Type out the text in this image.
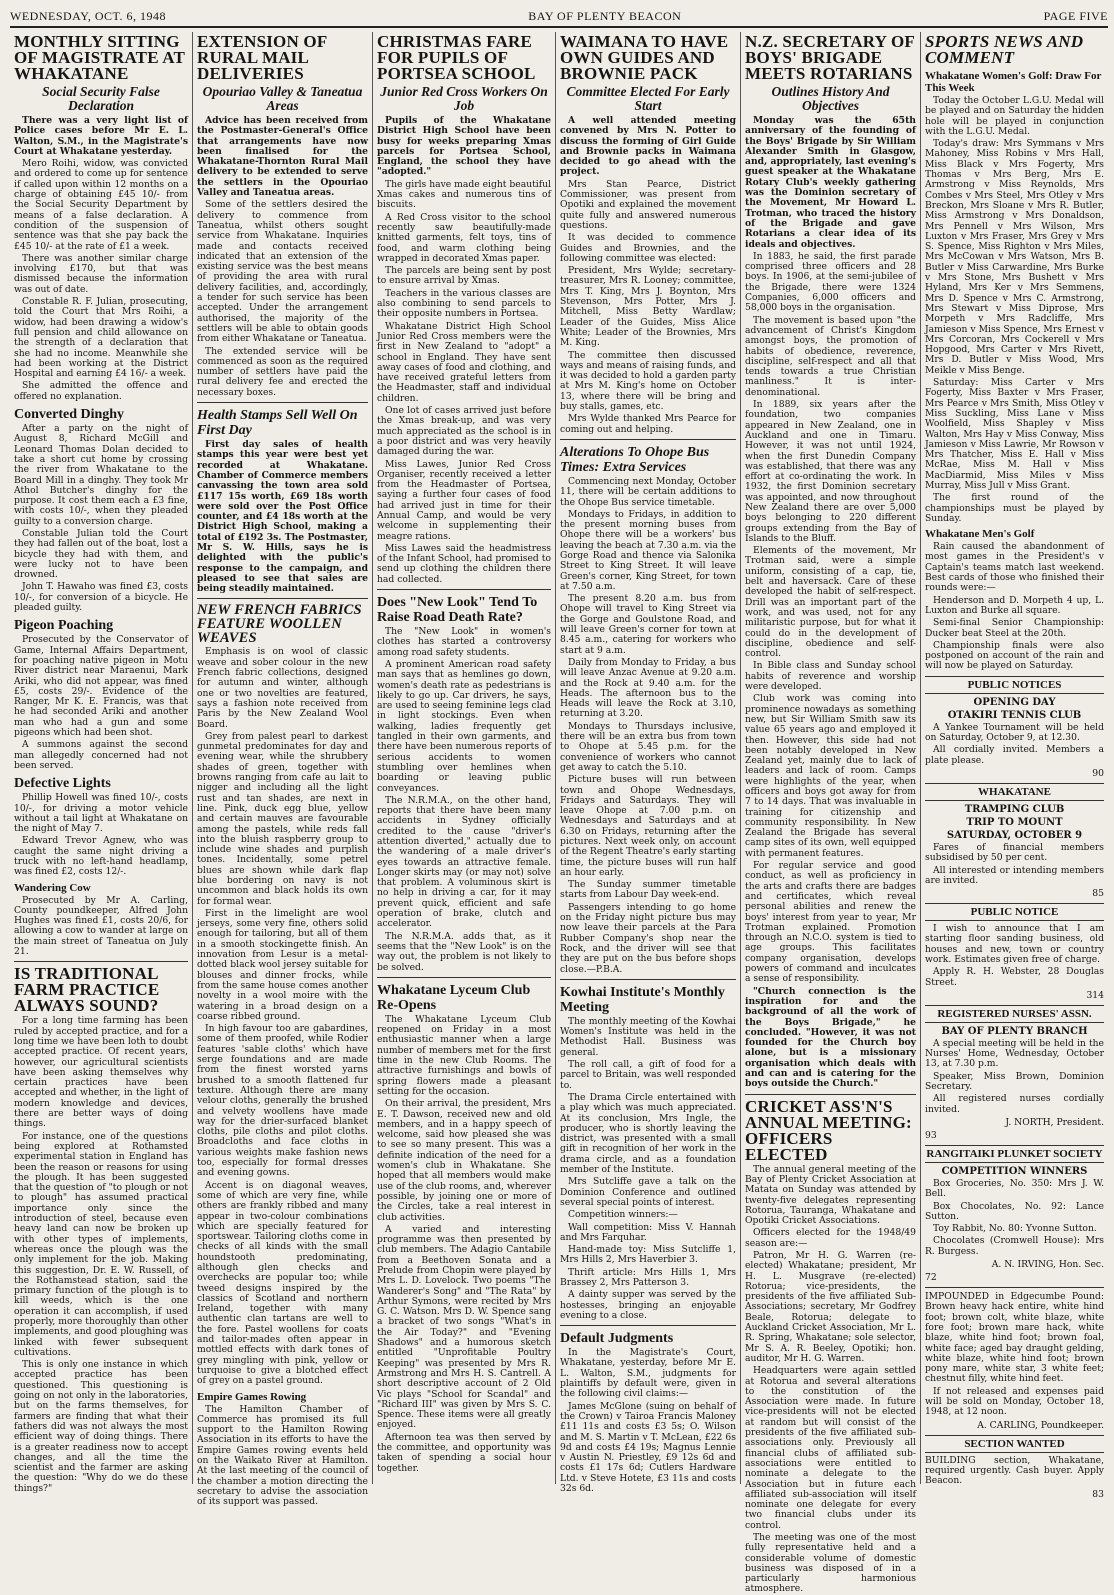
WEDNESDAY, OCT. 6, 1948	BAY OF PLENTY BEACON	PAGE FIVE
MONTHLY SITTING OF MAGISTRATE AT WHAKATANE
Social Security False Declaration

There was a very light list of Police cases before Mr E. L. Walton, S.M., in the Magistrate's Court at Whakatane yesterday.

Mero Roihi, widow, was convicted and ordered to come up for sentence if called upon within 12 months on a charge of obtaining £45 10/- from the Social Security Department by means of a false declaration. A condition of the suspension of sentence was that she pay back the £45 10/- at the rate of £1 a week.

There was another similar charge involving £170, but that was dismissed because the information was out of date.

Constable R. F. Julian, prosecuting, told the Court that Mrs Roihi, a widow, had been drawing a widow's full pension and child allowance on the strength of a declaration that she had no income. Meanwhile she had been working at the District Hospital and earning £4 16/- a week.

She admitted the offence and offered no explanation.

Converted Dinghy

After a party on the night of August 8, Richard McGill and Leonard Thomas Dolan decided to take a short cut home by crossing the river from Whakatane to the Board Mill in a dinghy. They took Mr Athol Butcher's dinghy for the purpose. It cost them each a £3 fine, with costs 10/-, when they pleaded guilty to a conversion charge.

Constable Julian told the Court they had fallen out of the boat, lost a bicycle they had with them, and were lucky not to have been drowned.

John T. Hawaho was fined £3, costs 10/-, for conversion of a bicycle. He pleaded guilty.

Pigeon Poaching

Prosecuted by the Conservator of Game, Internal Affairs Department, for poaching native pigeon in Motu River district near Maraenui, Mark Ariki, who did not appear, was fined £5, costs 29/-. Evidence of the Ranger, Mr K. E. Francis, was that he had seconded Ariki and another man who had a gun and some pigeons which had been shot.

A summons against the second man allegedly concerned had not been served.

Defective Lights

Phillip Howell was fined 10/-, costs 10/-, for driving a motor vehicle without a tail light at Whakatane on the night of May 7.

Edward Trevor Agnew, who was caught the same night driving a truck with no left-hand headlamp, was fined £2, costs 12/-.

Wandering Cow

Prosecuted by Mr A. Carling, County poundkeeper, Alfred John Hughes was fined £1, costs 20/6, for allowing a cow to wander at large on the main street of Taneatua on July 21.

IS TRADITIONAL FARM PRACTICE ALWAYS SOUND?

For a long time farming has been ruled by accepted practice, and for a long time we have been loth to doubt accepted practice. Of recent years, however, our agricultural scientists have been asking themselves why certain practices have been accepted and whether, in the light of modern knowledge and devices, there are better ways of doing things.

For instance, one of the questions being explored at Rothamsted experimental station in England has been the reason or reasons for using the plough. It has been suggested that the question of "to plough or not to plough" has assumed practical importance only since the introduction of steel, because even heavy land can now be broken up with other types of implements, whereas once the plough was the only implement for the job. Making this suggestion, Dr. E. W. Russell, of the Rothamstead station, said the primary function of the plough is to kill weeds, which is the one operation it can accomplish, if used properly, more thoroughly than other implements, and good ploughing was linked with fewer subsequent cultivations.

This is only one instance in which accepted practice has been questioned. This questioning is going on not only in the laboratories, but on the farms themselves, for farmers are finding that what their fathers did was not always the most efficient way of doing things. There is a greater readiness now to accept changes, and all the time the scientist and the farmer are asking the question: "Why do we do these things?"

EXTENSION OF RURAL MAIL DELIVERIES
Opouriao Valley & Taneatua Areas

Advice has been received from the Postmaster-General's Office that arrangements have now been finalised for the Whakatane-Thornton Rural Mail delivery to be extended to serve the settlers in the Opouriao Valley and Taneatua areas.

Some of the settlers desired the delivery to commence from Taneatua, whilst others sought service from Whakatane. Inquiries made and contacts received indicated that an extension of the existing service was the best means of providing the area with rural delivery facilities, and, accordingly, a tender for such service has been accepted. Under the arrangement authorised, the majority of the settlers will be able to obtain goods from either Whakatane or Taneatua.

The extended service will be commenced as soon as the required number of settlers have paid the rural delivery fee and erected the necessary boxes.

Health Stamps Sell Well On First Day

First day sales of health stamps this year were best yet recorded at Whakatane. Chamber of Commerce members canvassing the town area sold £117 15s worth, £69 18s worth were sold over the Post Office counter, and £4 18s worth at the District High School, making a total of £192 3s. The Postmaster, Mr S. W. Hills, says he is delighted with the public's response to the campaign, and pleased to see that sales are being steadily maintained.

NEW FRENCH FABRICS FEATURE WOOLLEN WEAVES

Emphasis is on wool of classic weave and sober colour in the new French fabric collections, designed for autumn and winter, although one or two novelties are featured, says a fashion note received from Paris by the New Zealand Wool Board.

Grey from palest pearl to darkest gunmetal predominates for day and evening wear, while the shrubbery shades of green, together with browns ranging from cafe au lait to nigger and including all the light rust and tan shades, are next in line. Pink, duck egg blue, yellow and certain mauves are favourable among the pastels, while reds fall into the bluish raspberry group to include wine shades and purplish tones. Incidentally, some petrel blues are shown while dark flap blue bordering on navy is not uncommon and black holds its own for formal wear.

First in the limelight are wool jerseys, some very fine, others solid enough for tailoring, but all of them in a smooth stockingette finish. An innovation from Lesur is a metal-dotted black wool jersey suitable for blouses and dinner frocks, while from the same house comes another novelty in a wool moire with the watering in a broad design on a coarse ribbed ground.

In high favour too are gabardines, some of them proofed, while Rodier features 'sable cloths' which have serge foundations and are made from the finest worsted yarns brushed to a smooth flattened fur texture. Although there are many velour cloths, generally the brushed and velvety woollens have made way for the drier-surfaced blanket cloths, pile cloths and pilot cloths. Broadcloths and face cloths in various weights make fashion news too, especially for formal dresses and evening gowns.

Accent is on diagonal weaves, some of which are very fine, while others are frankly ribbed and many appear in two-colour combinations which are specially featured for sportswear. Tailoring cloths come in checks of all kinds with the small houndstooth predominating, although glen checks and overchecks are popular too; while tweed designs inspired by the classics of Scotland and northern Ireland, together with many authentic clan tartans are well to the fore. Pastel woollens for coats and tailor-mades often appear in mottled effects with dark tones of grey mingling with pink, yellow or turquoise to give a blotched effect of grey on a pastel ground.

Empire Games Rowing

The Hamilton Chamber of Commerce has promised its full support to the Hamilton Rowing Association in its efforts to have the Empire Games rowing events held on the Waikato River at Hamilton. At the last meeting of the council of the chamber a motion directing the secretary to advise the association of its support was passed.

CHRISTMAS FARE FOR PUPILS OF PORTSEA SCHOOL
Junior Red Cross Workers On Job

Pupils of the Whakatane District High School have been busy for weeks preparing Xmas parcels for Portsea School, England, the school they have "adopted."

The girls have made eight beautiful Xmas cakes and numerous tins of biscuits.

A Red Cross visitor to the school recently saw beautifully-made knitted garments, felt toys, tins of food, and warm clothing being wrapped in decorated Xmas paper.

The parcels are being sent by post to ensure arrival by Xmas.

Teachers in the various classes are also combining to send parcels to their opposite numbers in Portsea.

Whakatane District High School Junior Red Cross members were the first in New Zealand to "adopt" a school in England. They have sent away cases of food and clothing, and have received grateful letters from the Headmaster, staff and individual children.

One lot of cases arrived just before the Xmas break-up, and was very much appreciated as the school is in a poor district and was very heavily damaged during the war.

Miss Lawes, Junior Red Cross Organiser, recently received a letter from the Headmaster of Portsea, saying a further four cases of food had arrived just in time for their Annual Camp, and would be very welcome in supplementing their meagre rations.

Miss Lawes said the headmistress of the Infant School, had promised to send up clothing the children there had collected.

Does "New Look" Tend To Raise Road Death Rate?

The "New Look" in women's clothes has started a controversy among road safety students.

A prominent American road safety man says that as hemlines go down, women's death rate as pedestrians is likely to go up. Car drivers, he says, are used to seeing feminine legs clad in light stockings. Even when walking, ladies frequently get tangled in their own garments, and there have been numerous reports of serious accidents to women stumbling over hemlines when boarding or leaving public conveyances.

The N.R.M.A., on the other hand, reports that there have been many accidents in Sydney officially credited to the cause "driver's attention diverted," actually due to the wandering of a male driver's eyes towards an attractive female. Longer skirts may (or may not) solve that problem. A voluminous skirt is no help in driving a car, for it may prevent quick, efficient and safe operation of brake, clutch and accelerator.

The N.R.M.A. adds that, as it seems that the "New Look" is on the way out, the problem is not likely to be solved.

Whakatane Lyceum Club Re-Opens

The Whakatane Lyceum Club reopened on Friday in a most enthusiastic manner when a large number of members met for the first time in the new Club Rooms. The attractive furnishings and bowls of spring flowers made a pleasant setting for the occasion.

On their arrival, the president, Mrs E. T. Dawson, received new and old members, and in a happy speech of welcome, said how pleased she was to see so many present. This was a definite indication of the need for a women's club in Whakatane. She hoped that all members would make use of the club rooms, and, wherever possible, by joining one or more of the Circles, take a real interest in club activities.

A varied and interesting programme was then presented by club members. The Adagio Cantabile from a Beethoven Sonata and a Prelude from Chopin were played by Mrs L. D. Lovelock. Two poems "The Wanderer's Song" and "The Rata" by Arthur Symons, were recited by Mrs G. C. Watson. Mrs D. W. Spence sang a bracket of two songs "What's in the Air Today?" and "Evening Shadows" and a humorous sketch entitled "Unprofitable Poultry Keeping" was presented by Mrs R. Armstrong and Mrs H. S. Cantrell. A short descriptive account of 2 Old Vic plays "School for Scandal" and "Richard III" was given by Mrs S. C. Spence. These items were all greatly enjoyed.

Afternoon tea was then served by the committee, and opportunity was taken of spending a social hour together.

WAIMANA TO HAVE OWN GUIDES AND BROWNIE PACK
Committee Elected For Early Start

A well attended meeting convened by Mrs N. Potter to discuss the forming of Girl Guide and Brownie packs in Waimana decided to go ahead with the project.

Mrs Stan Pearce, District Commissioner, was present from Opotiki and explained the movement quite fully and answered numerous questions.

It was decided to commence Guides and Brownies, and the following committee was elected:

President, Mrs Wylde; secretary-treasurer, Mrs R. Looney; committee, Mrs T. King, Mrs J. Boynton, Mrs Stevenson, Mrs Potter, Mrs J. Mitchell, Miss Betty Wardlaw; Leader of the Guides, Miss Alice White; Leader of the Brownies, Mrs M. King.

The committee then discussed ways and means of raising funds, and it was decided to hold a garden party at Mrs M. King's home on October 13, where there will be bring and buy stalls, games, etc.

Mrs Wylde thanked Mrs Pearce for coming out and helping.

Alterations To Ohope Bus Times: Extra Services

Commencing next Monday, October 11, there will be certain additions to the Ohope Bus service timetable.

Mondays to Fridays, in addition to the present morning buses from Ohope there will be a workers' bus leaving the beach at 7.30 a.m. via the Gorge Road and thence via Salonika Street to King Street. It will leave Green's corner, King Street, for town at 7.50 a.m.

The present 8.20 a.m. bus from Ohope will travel to King Street via the Gorge and Goulstone Road, and will leave Green's corner for town at 8.45 a.m., catering for workers who start at 9 a.m.

Daily from Monday to Friday, a bus will leave Anzac Avenue at 9.20 a.m. and the Rock at 9.40 a.m. for the Heads. The afternoon bus to the Heads will leave the Rock at 3.10, returning at 3.20.

Mondays to Thursdays inclusive, there will be an extra bus from town to Ohope at 5.45 p.m. for the convenience of workers who cannot get away to catch the 5.10.

Picture buses will run between town and Ohope Wednesdays, Fridays and Saturdays. They will leave Ohope at 7.00 p.m. on Wednesdays and Saturdays and at 6.30 on Fridays, returning after the pictures. Next week only, on account of the Regent Theatre's early starting time, the picture buses will run half an hour early.

The Sunday summer timetable starts from Labour Day week-end.

Passengers intending to go home on the Friday night picture bus may now leave their parcels at the Para Rubber Company's shop near the Rock, and the driver will see that they are put on the bus before shops close.—P.B.A.

Kowhai Institute's Monthly Meeting

The monthly meeting of the Kowhai Women's Institute was held in the Methodist Hall. Business was general.

The roll call, a gift of food for a parcel to Britain, was well responded to.

The Drama Circle entertained with a play which was much appreciated. At its conclusion, Mrs Ingle, the producer, who is shortly leaving the district, was presented with a small gift in recognition of her work in the drama circle, and as a foundation member of the Institute.

Mrs Sutcliffe gave a talk on the Dominion Conference and outlined several special points of interest.

Competition winners:—

Wall competition: Miss V. Hannah and Mrs Farquhar.

Hand-made toy: Miss Sutcliffe 1, Mrs Hills 2, Mrs Haverbier 3.

Thrift article: Mrs Hills 1, Mrs Brassey 2, Mrs Patterson 3.

A dainty supper was served by the hostesses, bringing an enjoyable evening to a close.

Default Judgments

In the Magistrate's Court, Whakatane, yesterday, before Mr E. L. Walton, S.M., judgments for plaintiffs by default were, given in the following civil claims:—

James McGlone (suing on behalf of the Crown) v Tairoa Francis Maloney £11 11s and costs £3 5s; O. Wilson and M. S. Martin v T. McLean, £22 6s 9d and costs £4 19s; Magnus Lennie v Austin N. Priestley, £9 12s 6d and costs £1 17s 6d; Cutlers Hardware Ltd. v Steve Hotete, £3 11s and costs 32s 6d.

N.Z. SECRETARY OF BOYS' BRIGADE MEETS ROTARIANS
Outlines History And Objectives

Monday was the 65th anniversary of the founding of the Boys' Brigade by Sir William Alexander Smith in Glasgow, and, appropriately, last evening's guest speaker at the Whakatane Rotary Club's weekly gathering was the Dominion secretary of the Movement, Mr Howard L. Trotman, who traced the history of the Brigade and gave Rotarians a clear idea of its ideals and objectives.

In 1883, he said, the first parade comprised three officers and 28 boys. In 1906, at the semi-jubilee of the Brigade, there were 1324 Companies, 6,000 officers and 58,000 boys in the organisation.

The movement is based upon "the advancement of Christ's Kingdom amongst boys, the promotion of habits of obedience, reverence, discipline, self-respect and all that tends towards a true Christian manliness." It is inter-denominational.

In 1889, six years after the foundation, two companies appeared in New Zealand, one in Auckland and one in Timaru. However, it was not until 1924, when the first Dunedin Company was established, that there was any effort at co-ordinating the work. In 1932, the first Dominion secretary was appointed, and now throughout New Zealand there are over 5,000 boys belonging to 220 different groups extending from the Bay of Islands to the Bluff.

Elements of the movement, Mr Trotman said, were a simple uniform, consisting of a cap, tie, belt and haversack. Care of these developed the habit of self-respect. Drill was an important part of the work, and was used, not for any militaristic purpose, but for what it could do in the development of discipline, obedience and self-control.

In Bible class and Sunday school habits of reverence and worship were developed.

Club work was coming into prominence nowadays as something new, but Sir William Smith saw its value 65 years ago and employed it then. However, this side had not been notably developed in New Zealand yet, mainly due to lack of leaders and lack of room. Camps were highlights of the year, when officers and boys got away for from 7 to 14 days. That was invaluable in training for citizenship and community responsibility. In New Zealand the Brigade has several camp sites of its own, well equipped with permanent features.

For regular service and good conduct, as well as proficiency in the arts and crafts there are badges and certificates, which reveal personal abilities and renew the boys' interest from year to year, Mr Trotman explained. Promotion through an N.C.O. system is tied to age groups. This facilitates company organisation, develops powers of command and inculcates a sense of responsibility.

"Church connection is the inspiration for and the background of all the work of the Boys Brigade," he concluded. "However, it was not founded for the Church boy alone, but is a missionary organisation which deals with and can and is catering for the boys outside the Church."

CRICKET ASS'N'S ANNUAL MEETING: OFFICERS ELECTED

The annual general meeting of the Bay of Plenty Cricket Association at Matata on Sunday was attended by twenty-five delegates representing Rotorua, Tauranga, Whakatane and Opotiki Cricket Associations.

Officers elected for the 1948/49 season are:—

Patron, Mr H. G. Warren (re-elected) Whakatane; president, Mr H. L. Musgrave (re-elected) Rotorua; vice-presidents, the presidents of the five affiliated Sub-Associations; secretary, Mr Godfrey Beale, Rotorua; delegate to Auckland Cricket Association, Mr L. R. Spring, Whakatane; sole selector, Mr S. A. R. Beeley, Opotiki; hon. auditor, Mr H. G. Warren.

Headquarters were again settled at Rotorua and several alterations to the constitution of the Association were made. In future vice-presidents will not be elected at random but will consist of the presidents of the five affiliated sub-associations only. Previously all financial clubs of affiliated sub-associations were entitled to nominate a delegate to the Association but in future each affiliated sub-association will itself nominate one delegate for every two financial clubs under its control.

The meeting was one of the most fully representative held and a considerable volume of domestic business was disposed of in a particularly harmonious atmosphere.

SPORTS NEWS AND COMMENT
Whakatane Women's Golf: Draw For This Week

Today the October L.G.U. Medal will be played and on Saturday the hidden hole will be played in conjunction with the L.G.U. Medal.

Today's draw: Mrs Symmans v Mrs Mahoney, Miss Robins v Mrs Hall, Miss Black v Mrs Fogerty, Mrs Thomas v Mrs Berg, Mrs E. Armstrong v Miss Reynolds, Mrs Combes v Mrs Steel, Mrs Otley v Mrs Breckon, Mrs Sloane v Mrs R. Butler, Miss Armstrong v Mrs Donaldson, Mrs Pennell v Mrs Wilson, Mrs Luxton v Mrs Fraser, Mrs Grey v Mrs S. Spence, Miss Righton v Mrs Miles, Mrs McCowan v Mrs Watson, Mrs B. Butler v Miss Carwardine, Mrs Burke v Mrs Stone, Mrs Bushett v Mrs Hyland, Mrs Ker v Mrs Semmens, Mrs D. Spence v Mrs C. Armstrong, Mrs Stewart v Miss Diprose, Mrs Morpeth v Mrs Radcliffe, Mrs Jamieson v Miss Spence, Mrs Ernest v Mrs Corcoran, Mrs Cockerell v Mrs Hopgood, Mrs Carter v Mrs Rivett, Mrs D. Butler v Miss Wood, Mrs Meikle v Miss Benge.

Saturday: Miss Carter v Mrs Fogerty, Miss Baxter v Mrs Fraser, Mrs Pearce v Mrs Smith, Miss Otley v Miss Suckling, Miss Lane v Miss Woolfield, Miss Shapley v Miss Walton, Mrs Hay v Miss Conway, Miss Jamieson v Miss Lawrie, Mr Rowson v Mrs Thatcher, Miss E. Hall v Miss McRae, Miss M. Hall v Miss MacDiarmid, Miss Miles v Miss Murray, Miss Jull v Miss Grant.

The first round of the championships must be played by Sunday.

Whakatane Men's Golf

Rain caused the abandonment of most games in the President's v Captain's teams match last weekend. Best cards of those who finished their rounds were:—

Henderson and D. Morpeth 4 up, L. Luxton and Burke all square.

Semi-final Senior Championship: Ducker beat Steel at the 20th.

Championship finals were also postponed on account of the rain and will now be played on Saturday.

PUBLIC NOTICES
OPENING DAY
OTAKIRI TENNIS CLUB

A Yankee Tournament will be held on Saturday, October 9, at 12.30.

All cordially invited. Members a plate please.

90
WHAKATANE
TRAMPING CLUB
TRIP TO MOUNT
SATURDAY, OCTOBER 9

Fares of financial members subsidised by 50 per cent.

All interested or intending members are invited.

85
PUBLIC NOTICE

I wish to announce that I am starting floor sanding business, old houses and new, town or country work. Estimates given free of charge.

Apply R. H. Webster, 28 Douglas Street.

314
REGISTERED NURSES' ASSN.
BAY OF PLENTY BRANCH

A special meeting will be held in the Nurses' Home, Wednesday, October 13, at 7.30 p.m.

Speaker, Miss Brown, Dominion Secretary.

All registered nurses cordially invited.

J. NORTH, President.
93
RANGITAIKI PLUNKET SOCIETY
COMPETITION WINNERS

Box Groceries, No. 350: Mrs J. W. Bell.

Box Chocolates, No. 92: Lance Sutton.

Toy Rabbit, No. 80: Yvonne Sutton.

Chocolates (Cromwell House): Mrs R. Burgess.

A. N. IRVING, Hon. Sec.
72

IMPOUNDED in Edgecumbe Pound: Brown heavy hack entire, white hind foot; brown colt, white blaze, white fore foot; brown mare hack, white blaze, white hind foot; brown foal, white face; aged bay draught gelding, white blaze, white hind foot; brown pony mare, white star, 3 white feet; chestnut filly, white hind feet.

If not released and expenses paid will be sold on Monday, October 18, 1948, at 12 noon.

A. CARLING, Poundkeeper.
SECTION WANTED

BUILDING section, Whakatane, required urgently. Cash buyer. Apply Beacon.

83
